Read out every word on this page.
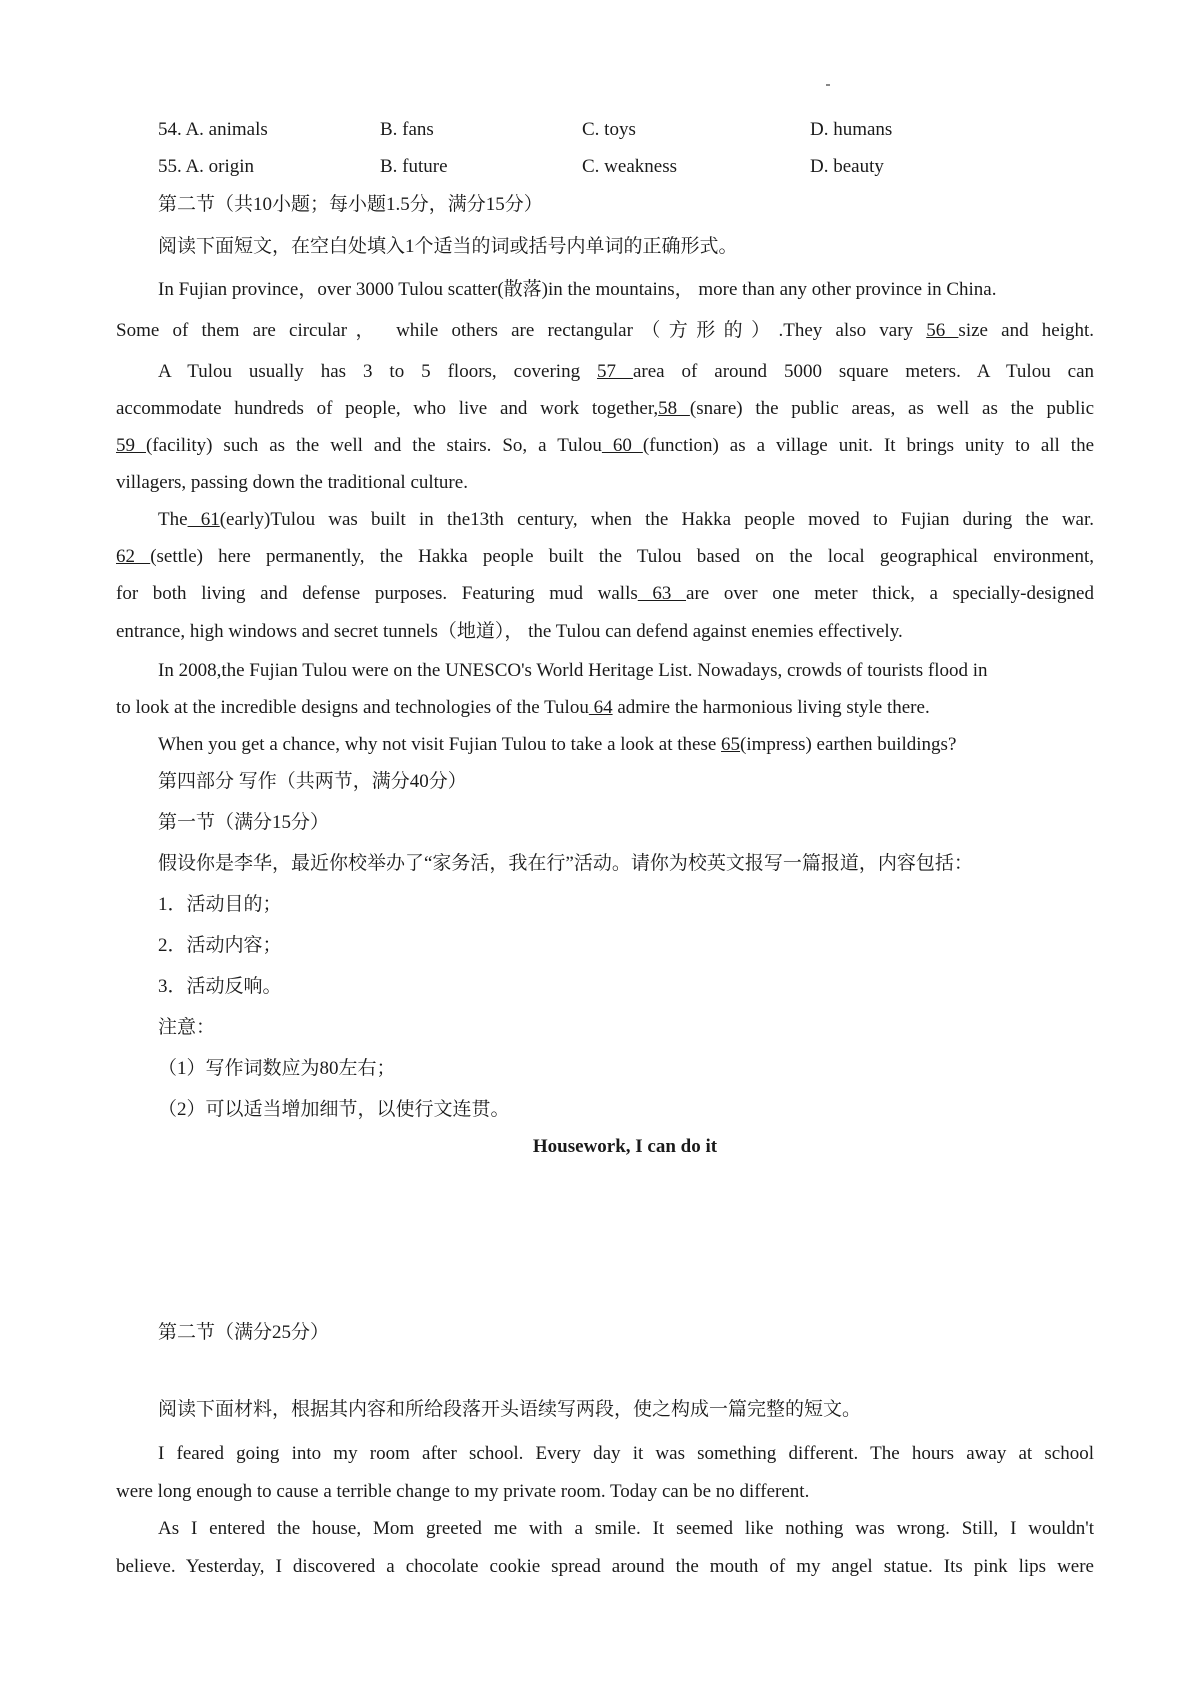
54. A. animals	B. fans	C. toys	D. humans
55. A. origin	B. future	C. weakness	D. beauty
第二节（共10小题；每小题1.5分，满分15分）
阅读下面短文，在空白处填入1个适当的词或括号内单词的正确形式。
In Fujian province，over 3000 Tulou scatter(散落)in the mountains， more than any other province in China.
Some of them are circular， while others are rectangular（方形的）.They also vary 56 size and height.
A Tulou usually has 3 to 5 floors, covering 57 area of around 5000 square meters. A Tulou can
accommodate hundreds of people, who live and work together,58 (snare) the public areas, as well as the public
59 (facility) such as the well and the stairs. So, a Tulou 60 (function) as a village unit. It brings unity to all the
villagers, passing down the traditional culture.
The 61(early)Tulou was built in the13th century, when the Hakka people moved to Fujian during the war.
62 (settle) here permanently, the Hakka people built the Tulou based on the local geographical environment,
for both living and defense purposes. Featuring mud walls 63 are over one meter thick, a specially-designed
entrance, high windows and secret tunnels（地道）， the Tulou can defend against enemies effectively.
In 2008,the Fujian Tulou were on the UNESCO's World Heritage List. Nowadays, crowds of tourists flood in
to look at the incredible designs and technologies of the Tulou 64 admire the harmonious living style there.
When you get a chance, why not visit Fujian Tulou to take a look at these 65(impress) earthen buildings?
第四部分 写作（共两节，满分40分）
第一节（满分15分）
假设你是李华，最近你校举办了“家务活，我在行”活动。请你为校英文报写一篇报道，内容包括：
1．活动目的；
2．活动内容；
3．活动反响。
注意：
（1）写作词数应为80左右；
（2）可以适当增加细节，以使行文连贯。
Housework, I can do it
第二节（满分25分）
阅读下面材料，根据其内容和所给段落开头语续写两段，使之构成一篇完整的短文。
I feared going into my room after school. Every day it was something different. The hours away at school
were long enough to cause a terrible change to my private room. Today can be no different.
As I entered the house, Mom greeted me with a smile. It seemed like nothing was wrong. Still, I wouldn't
believe. Yesterday, I discovered a chocolate cookie spread around the mouth of my angel statue. Its pink lips were
